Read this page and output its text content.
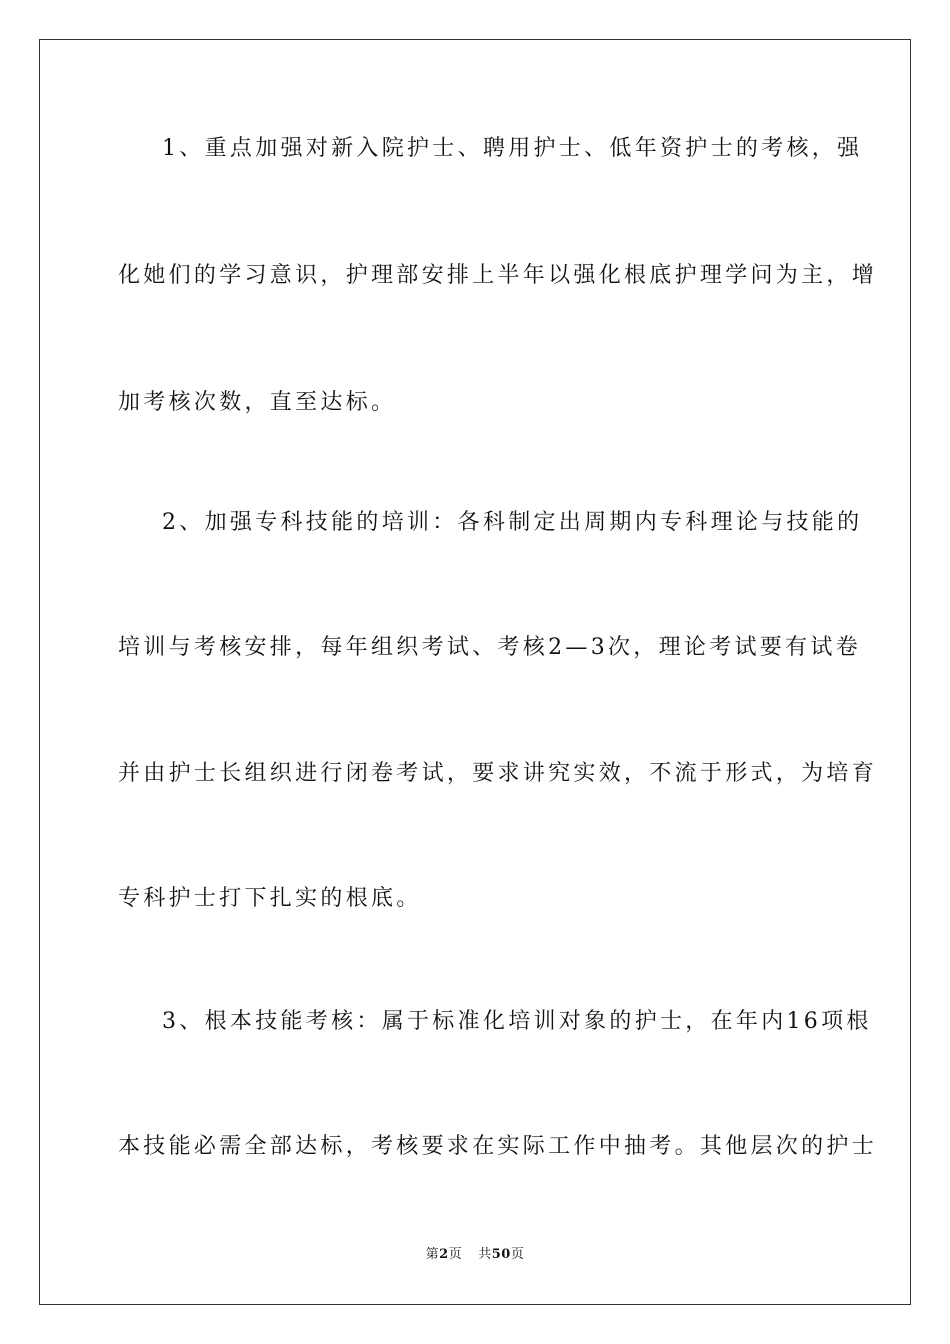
1、重点加强对新入院护士、聘用护士、低年资护士的考核，强
化她们的学习意识，护理部安排上半年以强化根底护理学问为主，增
加考核次数，直至达标。
2、加强专科技能的培训：各科制定出周期内专科理论与技能的
培训与考核安排，每年组织考试、考核2—3次，理论考试要有试卷
并由护士长组织进行闭卷考试，要求讲究实效，不流于形式，为培育
专科护士打下扎实的根底。
3、根本技能考核：属于标准化培训对象的护士，在年内16项根
本技能必需全部达标，考核要求在实际工作中抽考。其他层次的护士
第2页 共50页
